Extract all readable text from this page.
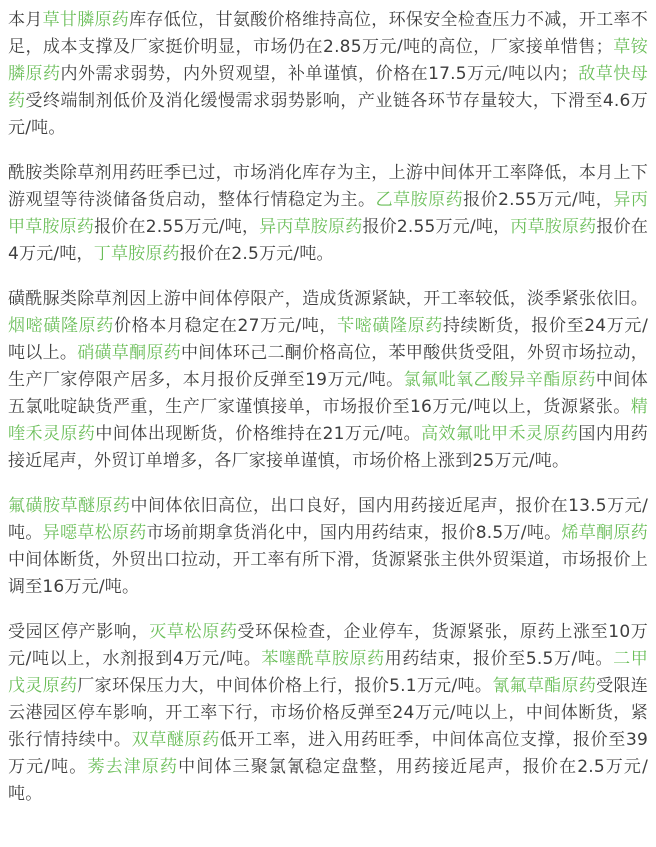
本月草甘膦原药库存低位，甘氨酸价格维持高位，环保安全检查压力不减，开工率不足，成本支撑及厂家挺价明显，市场仍在2.85万元/吨的高位，厂家接单惜售；草铵膦原药内外需求弱势，内外贸观望，补单谨慎，价格在17.5万元/吨以内；敌草快母药受终端制剂低价及消化缓慢需求弱势影响，产业链各环节存量较大，下滑至4.6万元/吨。

酰胺类除草剂用药旺季已过，市场消化库存为主，上游中间体开工率降低，本月上下游观望等待淡储备货启动，整体行情稳定为主。乙草胺原药报价2.55万元/吨，异丙甲草胺原药报价在2.55万元/吨，异丙草胺原药报价2.55万元/吨，丙草胺原药报价在4万元/吨，丁草胺原药报价在2.5万元/吨。

磺酰脲类除草剂因上游中间体停限产，造成货源紧缺，开工率较低，淡季紧张依旧。烟嘧磺隆原药价格本月稳定在27万元/吨，苄嘧磺隆原药持续断货，报价至24万元/吨以上。硝磺草酮原药中间体环己二酮价格高位，苯甲酸供货受阻，外贸市场拉动，生产厂家停限产居多，本月报价反弹至19万元/吨。氯氟吡氧乙酸异辛酯原药中间体五氯吡啶缺货严重，生产厂家谨慎接单，市场报价至16万元/吨以上，货源紧张。精喹禾灵原药中间体出现断货，价格维持在21万元/吨。高效氟吡甲禾灵原药国内用药接近尾声，外贸订单增多，各厂家接单谨慎，市场价格上涨到25万元/吨。

氟磺胺草醚原药中间体依旧高位，出口良好，国内用药接近尾声，报价在13.5万元/吨。异噁草松原药市场前期拿货消化中，国内用药结束，报价8.5万/吨。烯草酮原药中间体断货，外贸出口拉动，开工率有所下滑，货源紧张主供外贸渠道，市场报价上调至16万元/吨。

受园区停产影响，灭草松原药受环保检查，企业停车，货源紧张，原药上涨至10万元/吨以上，水剂报到4万元/吨。苯噻酰草胺原药用药结束，报价至5.5万/吨。二甲戊灵原药厂家环保压力大，中间体价格上行，报价5.1万元/吨。氰氟草酯原药受限连云港园区停车影响，开工率下行，市场价格反弹至24万元/吨以上，中间体断货，紧张行情持续中。双草醚原药低开工率，进入用药旺季，中间体高位支撑，报价至39万元/吨。莠去津原药中间体三聚氯氰稳定盘整，用药接近尾声，报价在2.5万元/吨。
